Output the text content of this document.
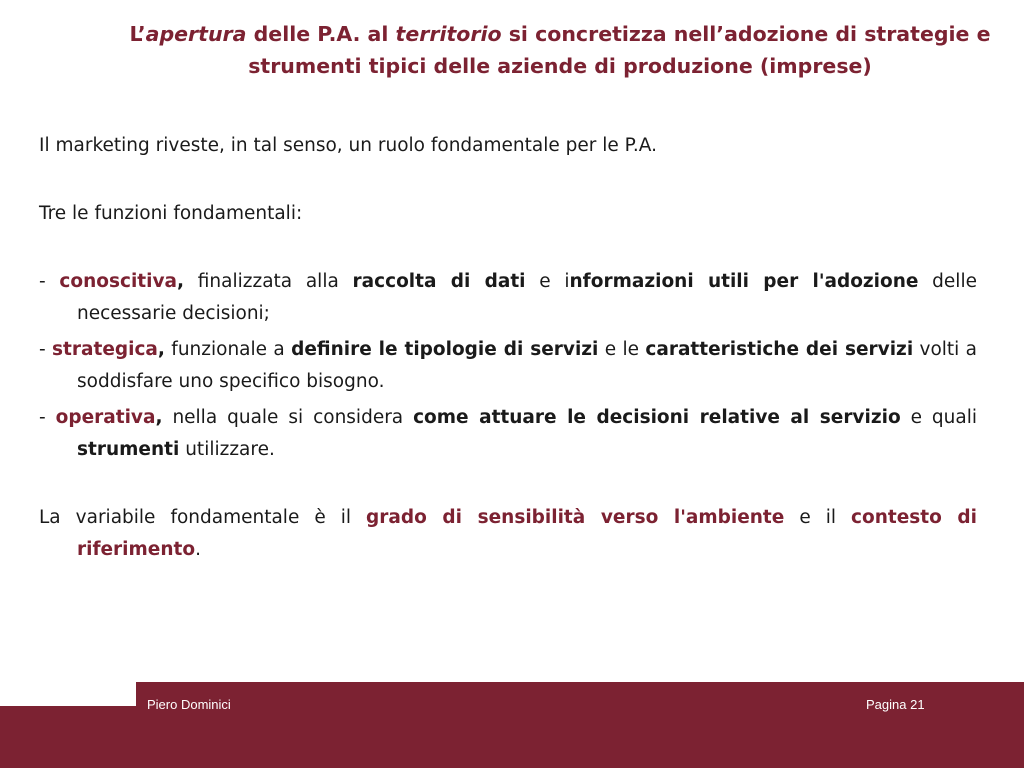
L’apertura delle P.A. al territorio si concretizza nell’adozione di strategie e strumenti tipici delle aziende di produzione (imprese)

Il marketing riveste, in tal senso, un ruolo fondamentale per le P.A.

Tre le funzioni fondamentali:

- conoscitiva, finalizzata alla raccolta di dati e informazioni utili per l'adozione delle necessarie decisioni;

- strategica, funzionale a definire le tipologie di servizi e le caratteristiche dei servizi volti a soddisfare uno specifico bisogno.

- operativa, nella quale si considera come attuare le decisioni relative al servizio e quali strumenti utilizzare.

La variabile fondamentale è il grado di sensibilità verso l'ambiente e il contesto di riferimento.

Piero Dominici	Pagina 21
